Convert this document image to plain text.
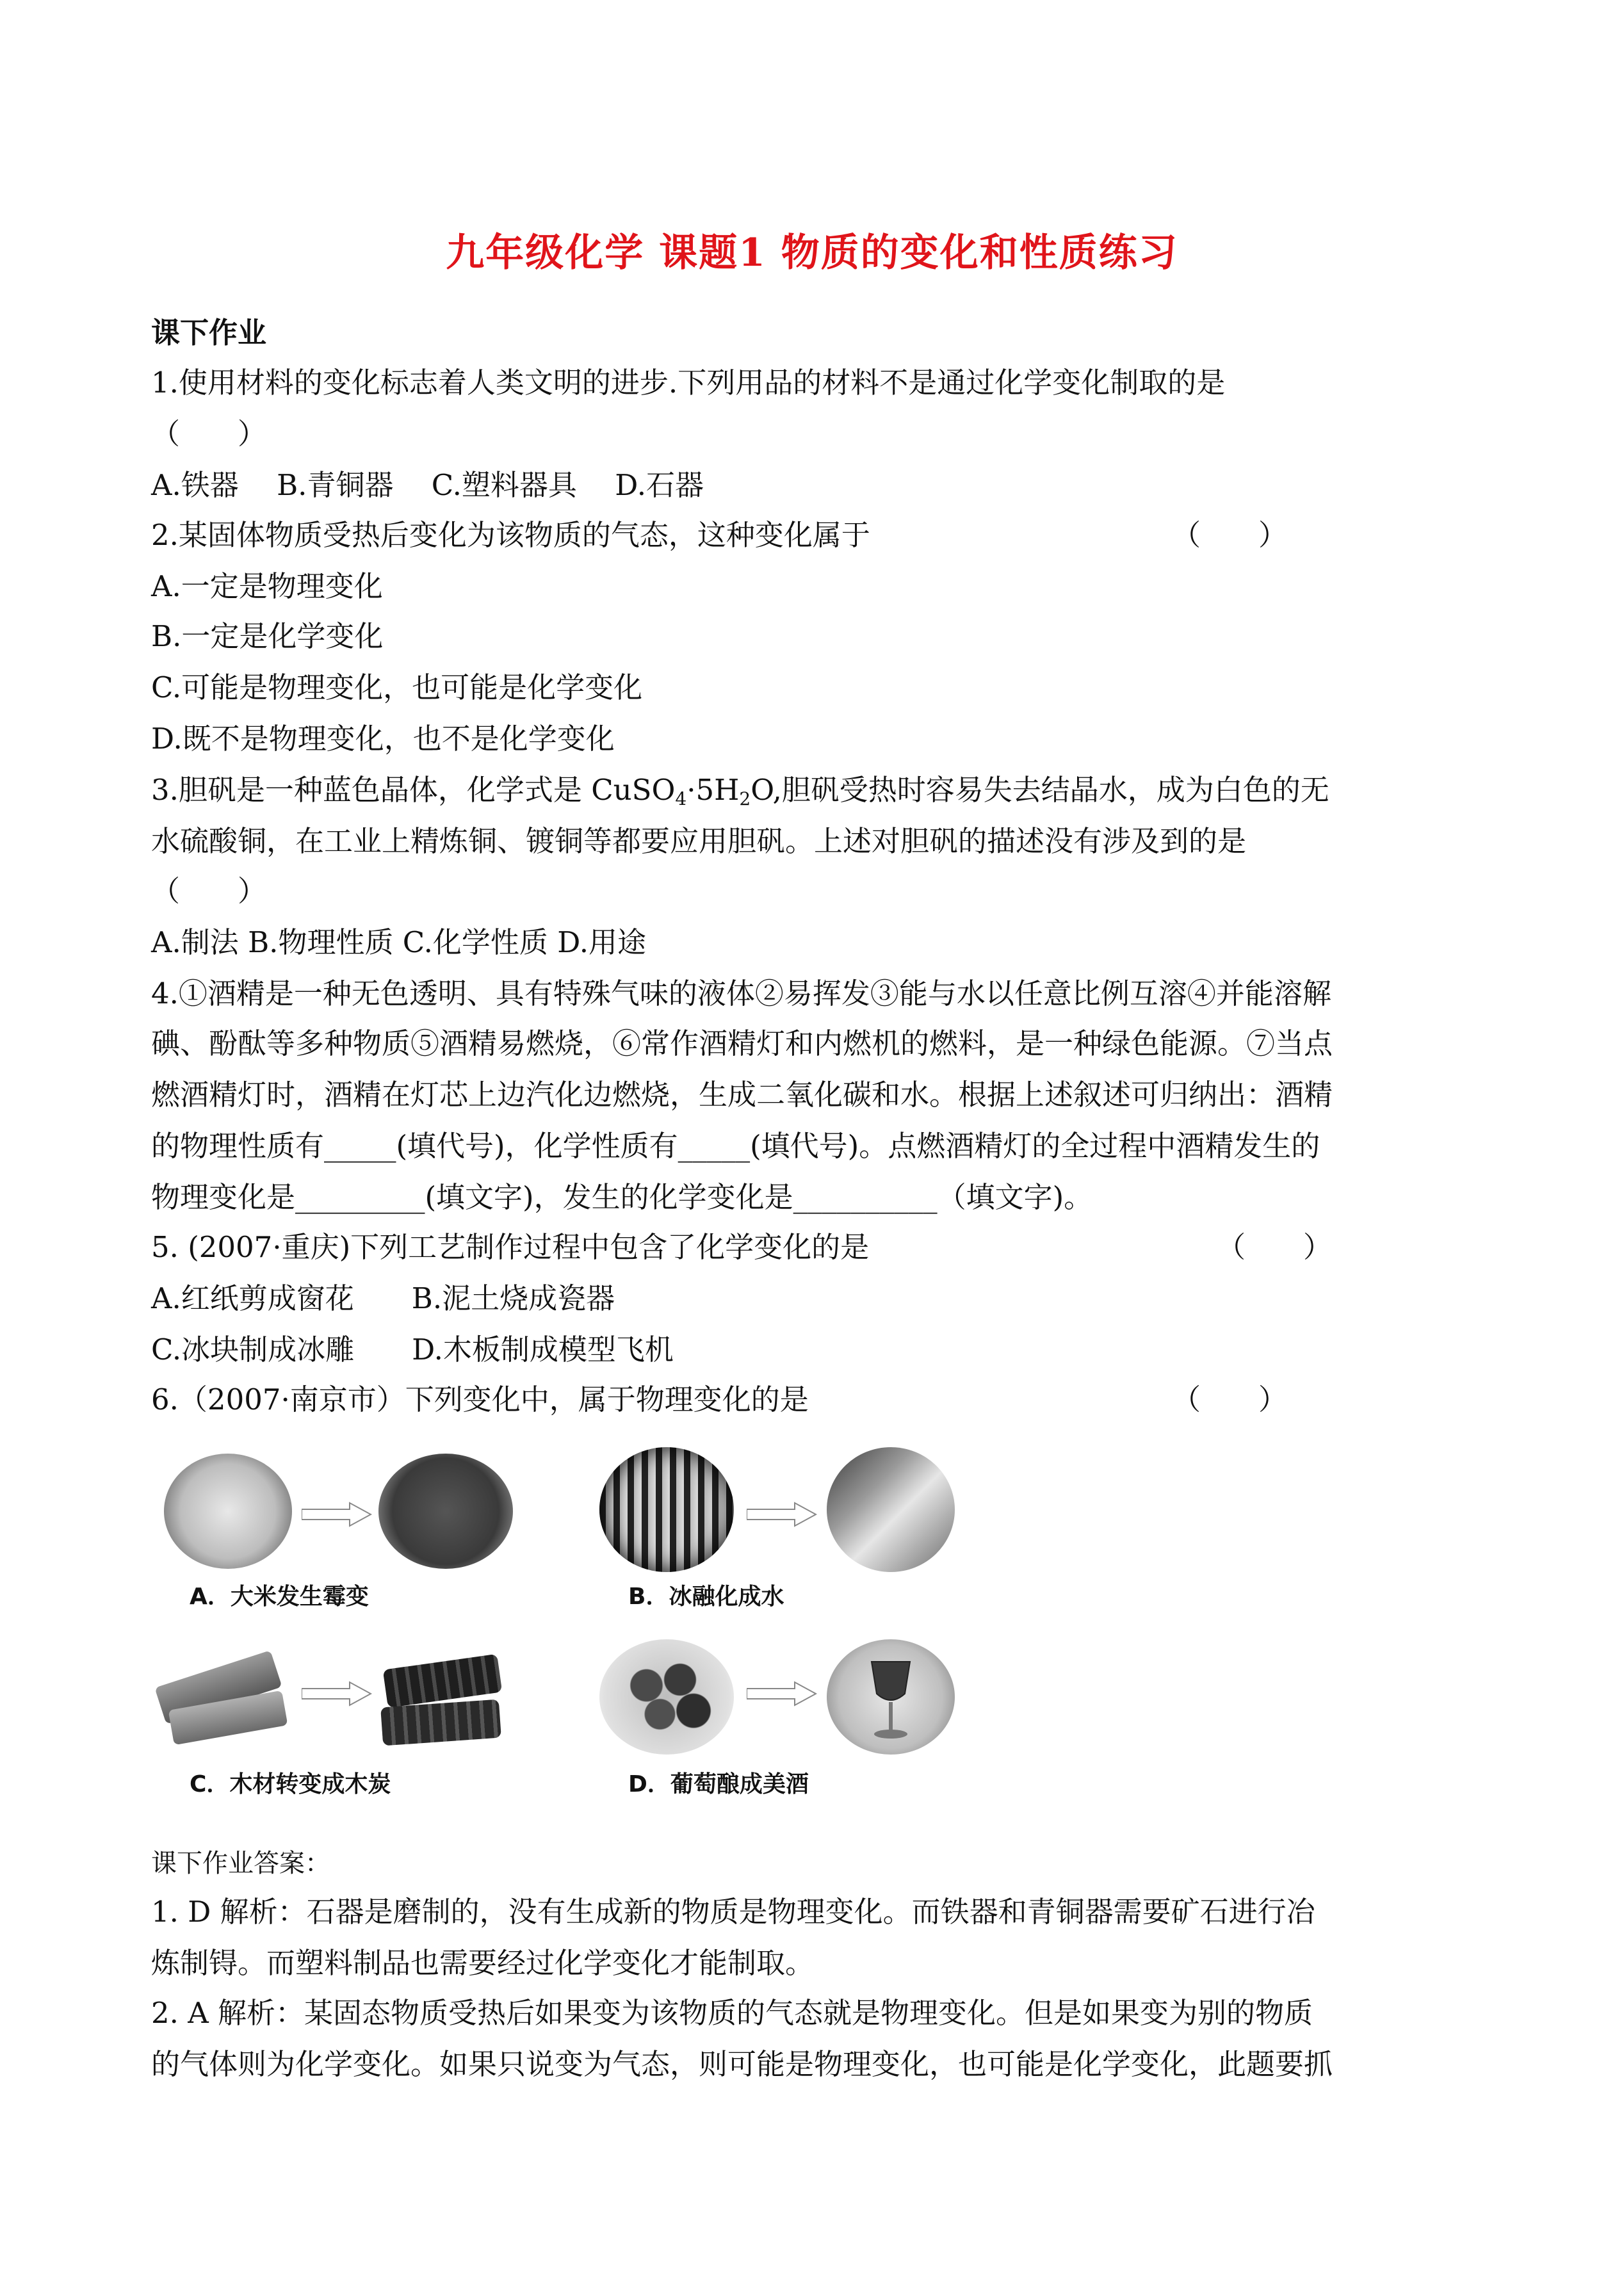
九年级化学 课题1 物质的变化和性质练习
课下作业
1.使用材料的变化标志着人类文明的进步.下列用品的材料不是通过化学变化制取的是
（　　）
A.铁器　 B.青铜器　 C.塑料器具　 D.石器
2.某固体物质受热后变化为该物质的气态，这种变化属于	（　　）
A.一定是物理变化
B.一定是化学变化
C.可能是物理变化，也可能是化学变化
D.既不是物理变化，也不是化学变化
3.胆矾是一种蓝色晶体，化学式是 $CuSO_4\cdot 5H_2O$,胆矾受热时容易失去结晶水，成为白色的无
水硫酸铜，在工业上精炼铜、镀铜等都要应用胆矾。上述对胆矾的描述没有涉及到的是
（　　）
A.制法 B.物理性质 C.化学性质 D.用途
4.①酒精是一种无色透明、具有特殊气味的液体②易挥发③能与水以任意比例互溶④并能溶解
碘、酚酞等多种物质⑤酒精易燃烧，⑥常作酒精灯和内燃机的燃料，是一种绿色能源。⑦当点
燃酒精灯时，酒精在灯芯上边汽化边燃烧，生成二氧化碳和水。根据上述叙述可归纳出：酒精
的物理性质有_____(填代号)，化学性质有_____(填代号)。点燃酒精灯的全过程中酒精发生的
物理变化是_________(填文字)，发生的化学变化是__________（填文字)。
5. (2007·重庆)下列工艺制作过程中包含了化学变化的是	（　　）
A.红纸剪成窗花　　B.泥土烧成瓷器
C.冰块制成冰雕　　D.木板制成模型飞机
6.（2007·南京市）下列变化中，属于物理变化的是	（　　）
A．大米发生霉变	B．冰融化成水
C．木材转变成木炭	D．葡萄酿成美酒
课下作业答案：
1. D 解析：石器是磨制的，没有生成新的物质是物理变化。而铁器和青铜器需要矿石进行冶
炼制锝。而塑料制品也需要经过化学变化才能制取。
2. A 解析：某固态物质受热后如果变为该物质的气态就是物理变化。但是如果变为别的物质
的气体则为化学变化。如果只说变为气态，则可能是物理变化，也可能是化学变化，此题要抓
